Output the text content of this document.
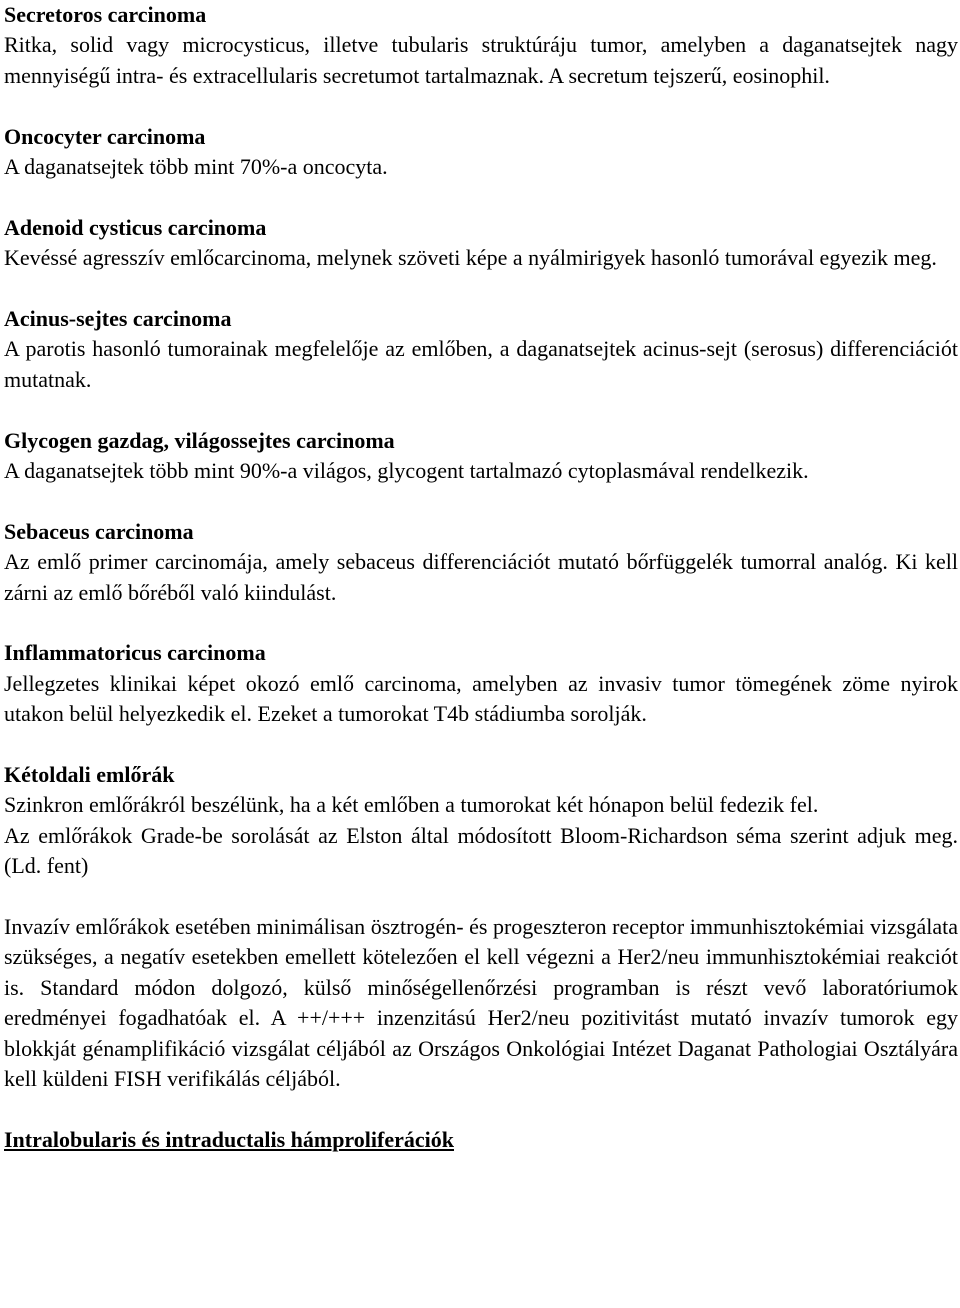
Secretoros carcinoma

Ritka, solid vagy microcysticus, illetve tubularis struktúráju tumor, amelyben a daganatsejtek nagy mennyiségű intra- és extracellularis secretumot tartalmaznak. A secretum tejszerű, eosinophil.

Oncocyter carcinoma

A daganatsejtek több mint 70%-a oncocyta.

Adenoid cysticus carcinoma

Kevéssé agresszív emlőcarcinoma, melynek szöveti képe a nyálmirigyek hasonló tumorával egyezik meg.

Acinus-sejtes carcinoma

A parotis hasonló tumorainak megfelelője az emlőben, a daganatsejtek acinus-sejt (serosus) differenciációt mutatnak.

Glycogen gazdag, világossejtes carcinoma

A daganatsejtek több mint 90%-a világos, glycogent tartalmazó cytoplasmával rendelkezik.

Sebaceus carcinoma

Az emlő primer carcinomája, amely sebaceus differenciációt mutató bőrfüggelék tumorral analóg. Ki kell zárni az emlő bőréből való kiindulást.

Inflammatoricus carcinoma

Jellegzetes klinikai képet okozó emlő carcinoma, amelyben az invasiv tumor tömegének zöme nyirok utakon belül helyezkedik el. Ezeket a tumorokat T4b stádiumba sorolják.

Kétoldali emlőrák

Szinkron emlőrákról beszélünk, ha a két emlőben a tumorokat két hónapon belül fedezik fel.

Az emlőrákok Grade-be sorolását az Elston által módosított Bloom-Richardson séma szerint adjuk meg. (Ld. fent)

Invazív emlőrákok esetében minimálisan ösztrogén- és progeszteron receptor immunhisztokémiai vizsgálata szükséges, a negatív esetekben emellett kötelezően el kell végezni a Her2/neu immunhisztokémiai reakciót is. Standard módon dolgozó, külső minőségellenőrzési programban is részt vevő laboratóriumok eredményei fogadhatóak el. A ++/+++ inzenzitású Her2/neu pozitivitást mutató invazív tumorok egy blokkját génamplifikáció vizsgálat céljából az Országos Onkológiai Intézet Daganat Pathologiai Osztályára kell küldeni FISH verifikálás céljából.

Intralobularis és intraductalis hámproliferációk
